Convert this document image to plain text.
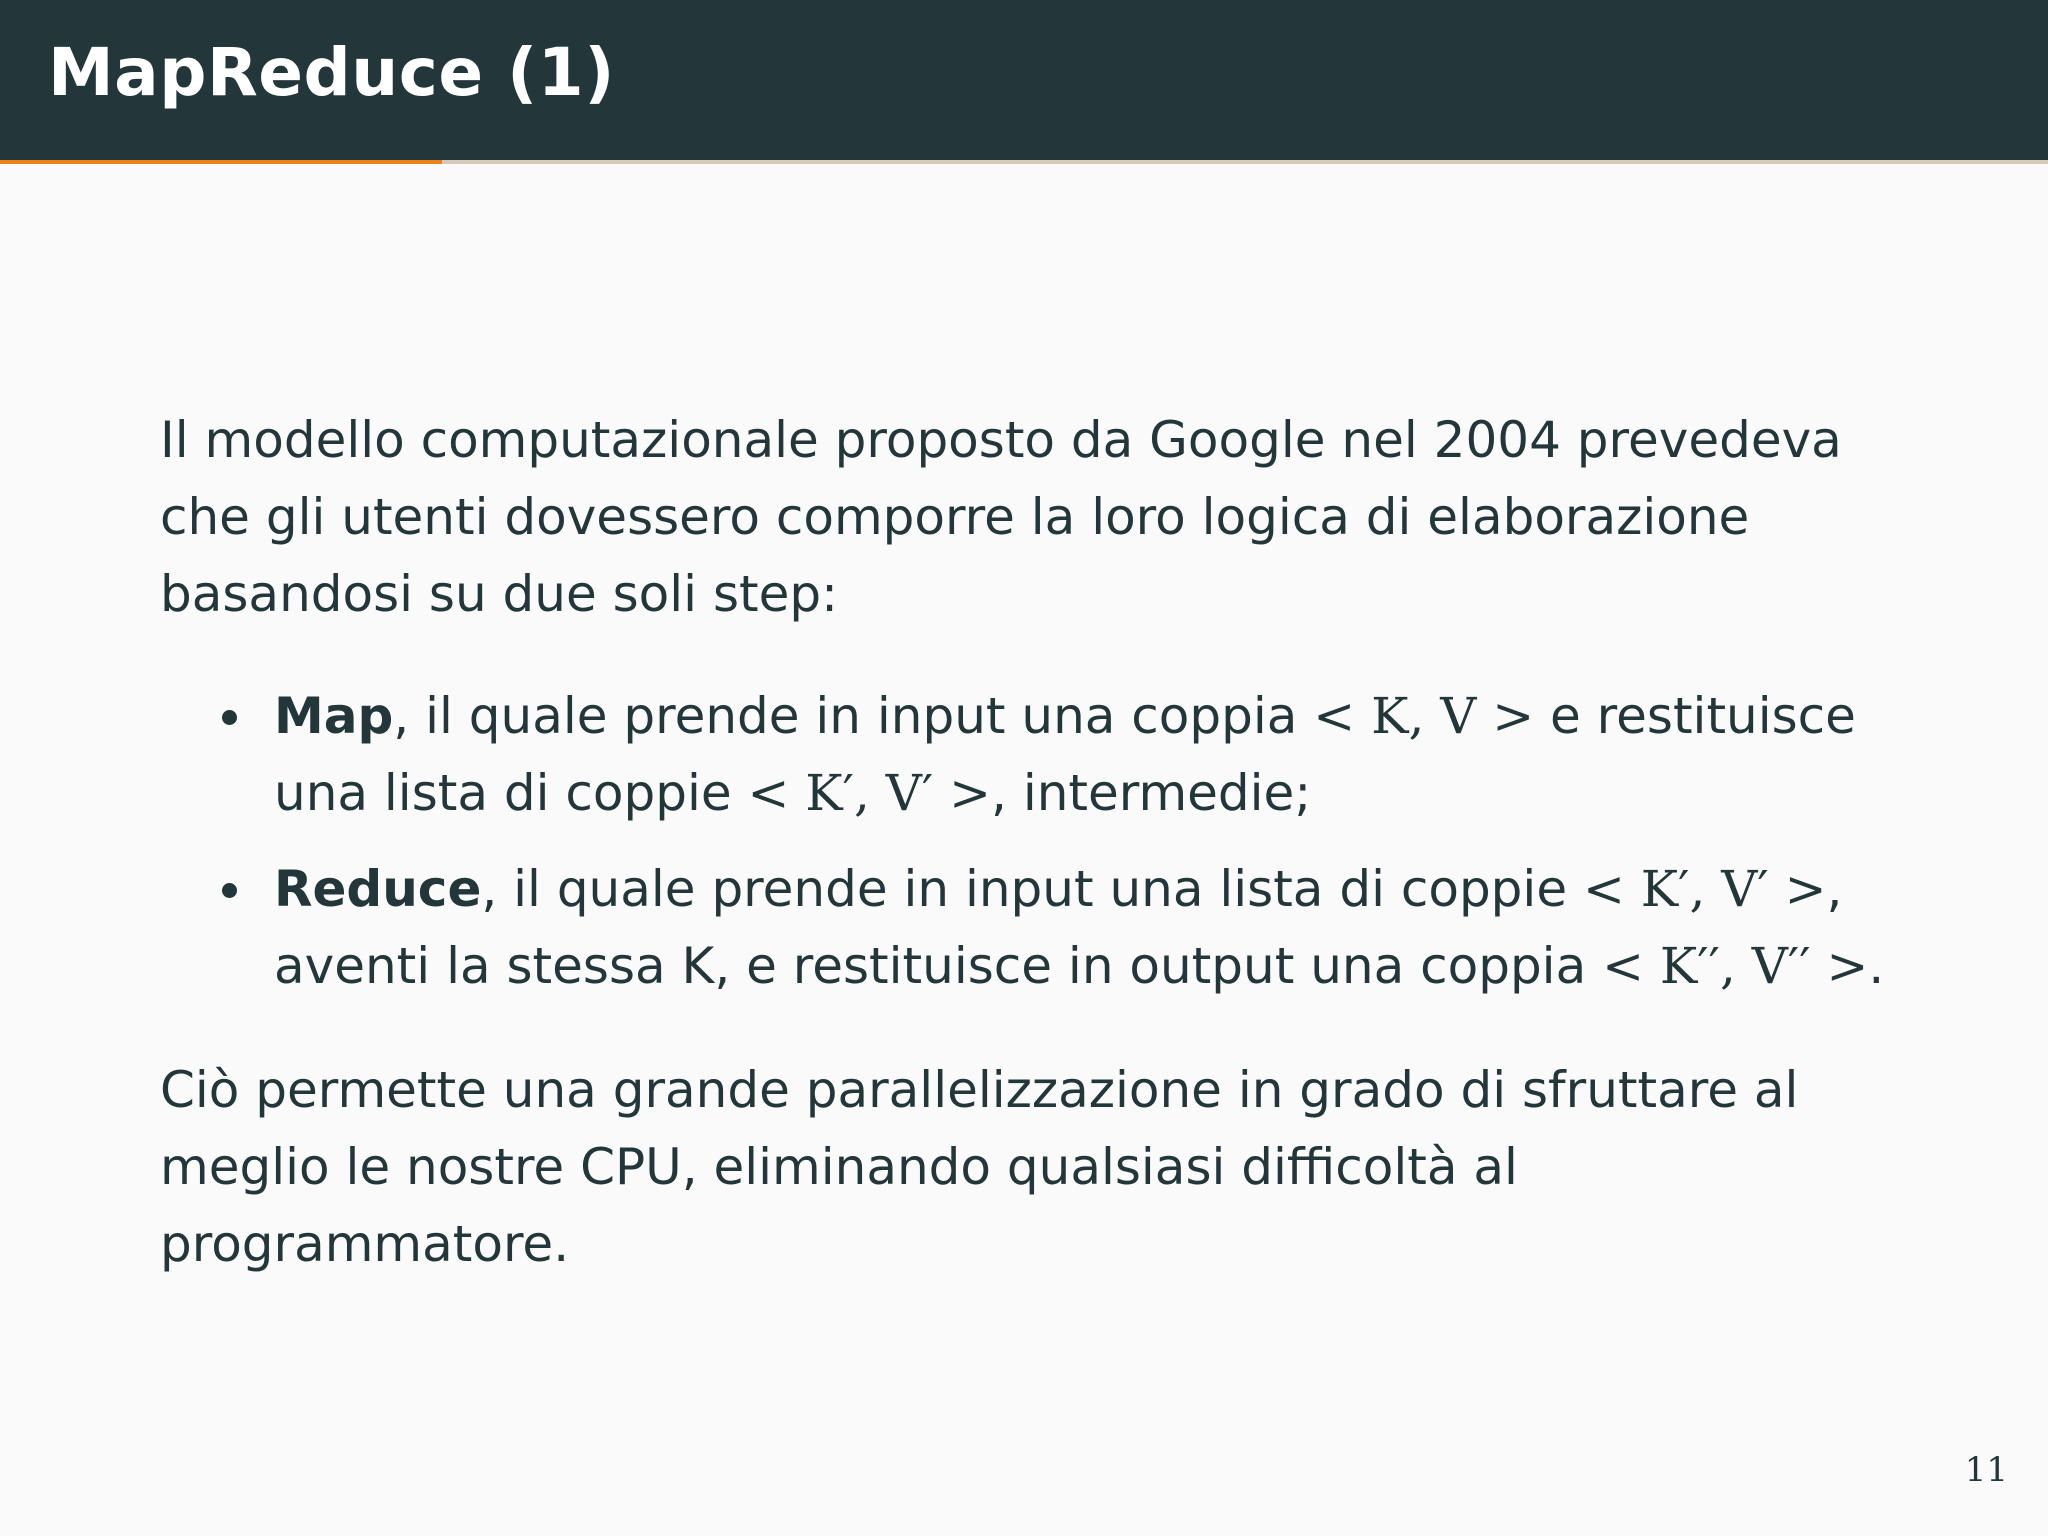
MapReduce (1)

Il modello computazionale proposto da Google nel 2004 prevedeva che gli utenti dovessero comporre la loro logica di elaborazione basandosi su due soli step:

Map, il quale prende in input una coppia < K, V > e restituisce una lista di coppie < K′, V′ >, intermedie;
Reduce, il quale prende in input una lista di coppie < K′, V′ >, aventi la stessa K, e restituisce in output una coppia < K′′, V′′ >.

Ciò permette una grande parallelizzazione in grado di sfruttare al meglio le nostre CPU, eliminando qualsiasi difficoltà al programmatore.

11
